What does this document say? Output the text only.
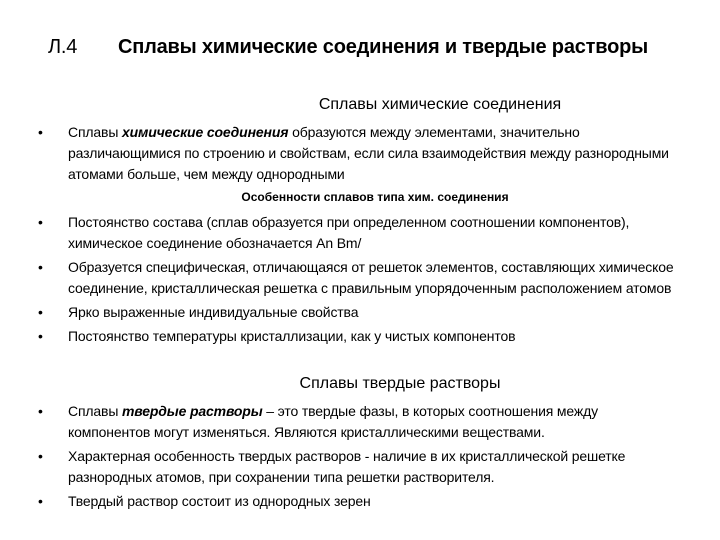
Л.4 Сплавы химические соединения и твердые растворы
Сплавы химические соединения
• Сплавы химические соединения образуются между элементами, значительно различающимися по строению и свойствам, если сила взаимодействия между разнородными атомами больше, чем между однородными
Особенности сплавов типа хим. соединения
• Постоянство состава (сплав образуется при определенном соотношении компонентов), химическое соединение обозначается Аn Вm/
• Образуется специфическая, отличающаяся от решеток элементов, составляющих химическое соединение, кристаллическая решетка с правильным упорядоченным расположением атомов
• Ярко выраженные индивидуальные свойства
• Постоянство температуры кристаллизации, как у чистых компонентов
Сплавы твердые растворы
• Сплавы твердые растворы – это твердые фазы, в которых соотношения между компонентов могут изменяться. Являются кристаллическими веществами.
• Характерная особенность твердых растворов - наличие в их кристаллической решетке разнородных атомов, при сохранении типа решетки растворителя.
• Твердый раствор состоит из однородных зерен
